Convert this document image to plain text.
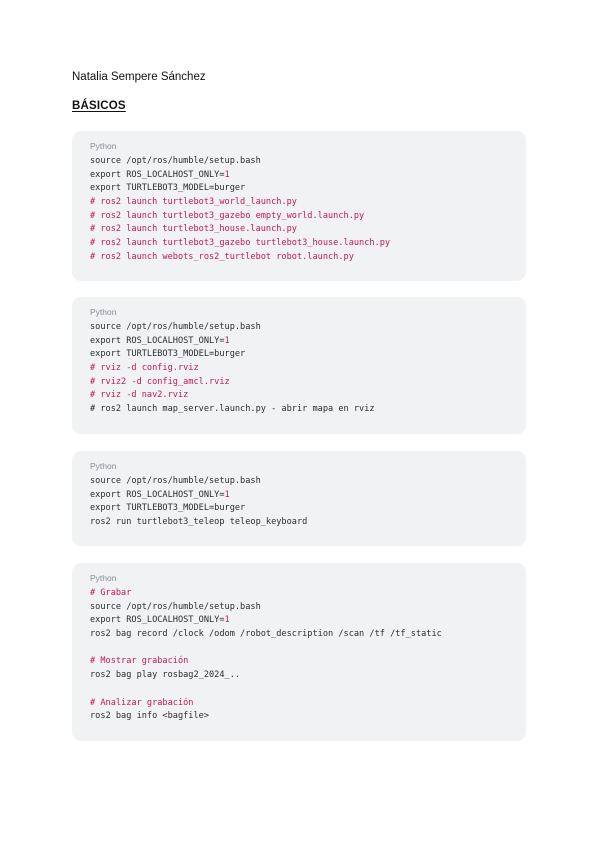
Natalia Sempere Sánchez
BÁSICOS
Python
source /opt/ros/humble/setup.bash
export ROS_LOCALHOST_ONLY=1
export TURTLEBOT3_MODEL=burger
# ros2 launch turtlebot3_world_launch.py
# ros2 launch turtlebot3_gazebo empty_world.launch.py
# ros2 launch turtlebot3_house.launch.py
# ros2 launch turtlebot3_gazebo turtlebot3_house.launch.py
# ros2 launch webots_ros2_turtlebot robot.launch.py
Python
source /opt/ros/humble/setup.bash
export ROS_LOCALHOST_ONLY=1
export TURTLEBOT3_MODEL=burger
# rviz -d config.rviz
# rviz2 -d config_amcl.rviz
# rviz -d nav2.rviz
# ros2 launch map_server.launch.py - abrir mapa en rviz
Python
source /opt/ros/humble/setup.bash
export ROS_LOCALHOST_ONLY=1
export TURTLEBOT3_MODEL=burger
ros2 run turtlebot3_teleop teleop_keyboard
Python
# Grabar
source /opt/ros/humble/setup.bash
export ROS_LOCALHOST_ONLY=1
ros2 bag record /clock /odom /robot_description /scan /tf /tf_static
# Mostrar grabación
ros2 bag play rosbag2_2024_..
# Analizar grabación
ros2 bag info <bagfile>
